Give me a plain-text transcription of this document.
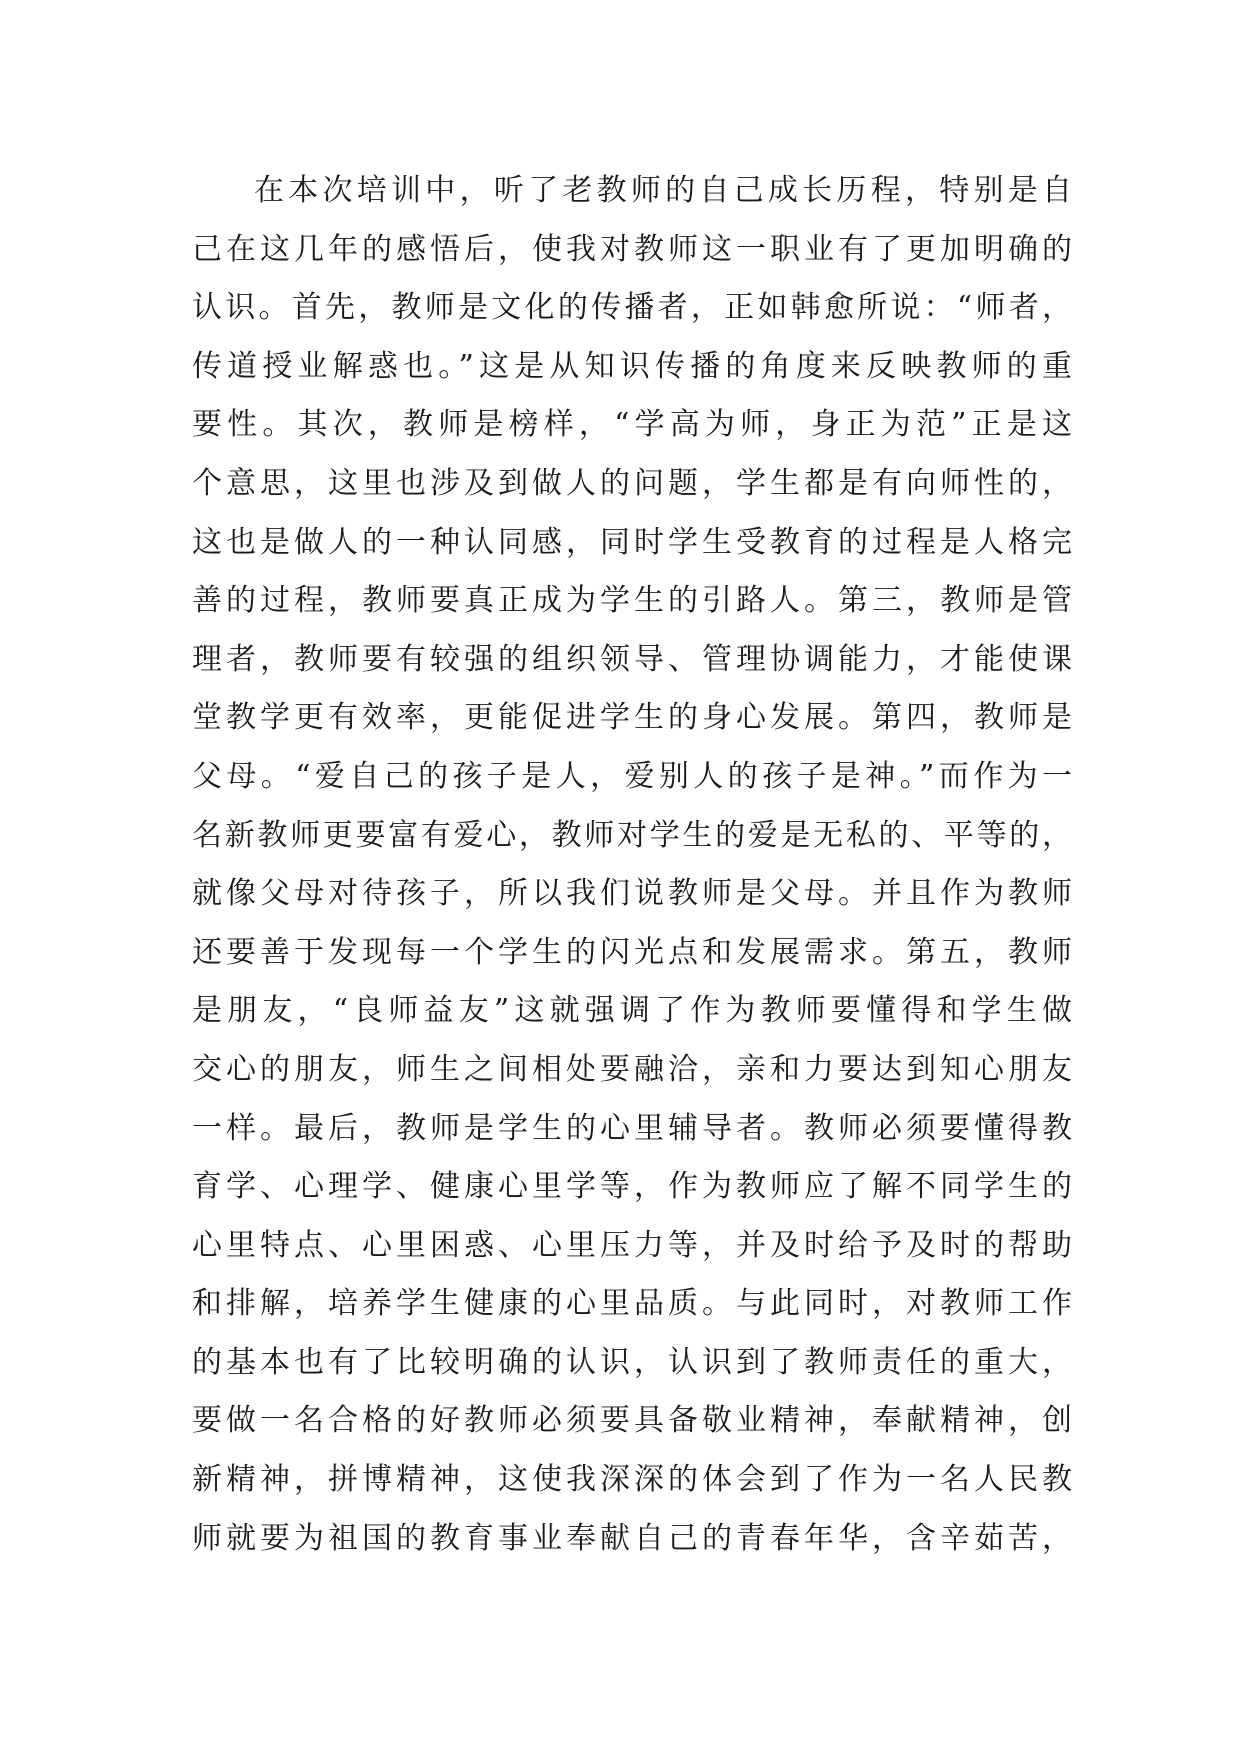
在本次培训中，听了老教师的自己成长历程，特别是自
己在这几年的感悟后，使我对教师这一职业有了更加明确的
认识。首先，教师是文化的传播者，正如韩愈所说：“师者，
传道授业解惑也。”这是从知识传播的角度来反映教师的重
要性。其次，教师是榜样，“学高为师，身正为范”正是这
个意思，这里也涉及到做人的问题，学生都是有向师性的，
这也是做人的一种认同感，同时学生受教育的过程是人格完
善的过程，教师要真正成为学生的引路人。第三，教师是管
理者，教师要有较强的组织领导、管理协调能力，才能使课
堂教学更有效率，更能促进学生的身心发展。第四，教师是
父母。“爱自己的孩子是人，爱别人的孩子是神。”而作为一
名新教师更要富有爱心，教师对学生的爱是无私的、平等的，
就像父母对待孩子，所以我们说教师是父母。并且作为教师
还要善于发现每一个学生的闪光点和发展需求。第五，教师
是朋友，“良师益友”这就强调了作为教师要懂得和学生做
交心的朋友，师生之间相处要融洽，亲和力要达到知心朋友
一样。最后，教师是学生的心里辅导者。教师必须要懂得教
育学、心理学、健康心里学等，作为教师应了解不同学生的
心里特点、心里困惑、心里压力等，并及时给予及时的帮助
和排解，培养学生健康的心里品质。与此同时，对教师工作
的基本也有了比较明确的认识，认识到了教师责任的重大，
要做一名合格的好教师必须要具备敬业精神，奉献精神，创
新精神，拼博精神，这使我深深的体会到了作为一名人民教
师就要为祖国的教育事业奉献自己的青春年华，含辛茹苦，
